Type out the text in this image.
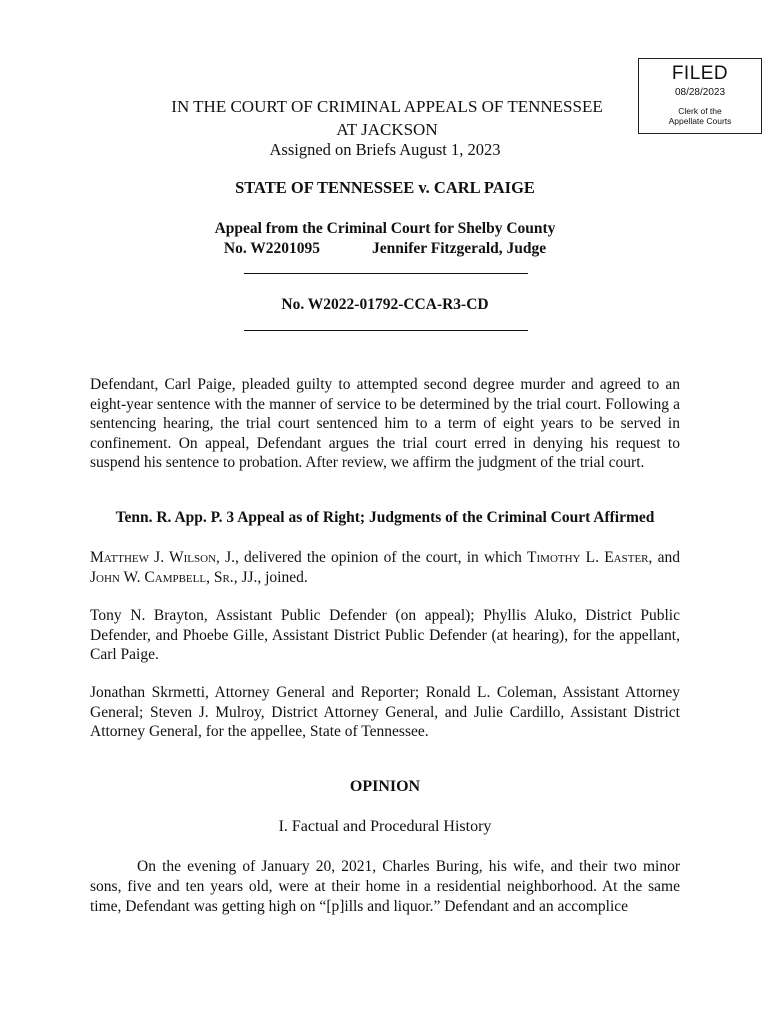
FILED
08/28/2023
Clerk of the
Appellate Courts
IN THE COURT OF CRIMINAL APPEALS OF TENNESSEE
AT JACKSON
Assigned on Briefs August 1, 2023
STATE OF TENNESSEE v. CARL PAIGE
Appeal from the Criminal Court for Shelby County
No. W2201095	Jennifer Fitzgerald, Judge
No. W2022-01792-CCA-R3-CD
Defendant, Carl Paige, pleaded guilty to attempted second degree murder and agreed to an eight-year sentence with the manner of service to be determined by the trial court. Following a sentencing hearing, the trial court sentenced him to a term of eight years to be served in confinement. On appeal, Defendant argues the trial court erred in denying his request to suspend his sentence to probation. After review, we affirm the judgment of the trial court.
Tenn. R. App. P. 3 Appeal as of Right; Judgments of the Criminal Court Affirmed
Matthew J. Wilson, J., delivered the opinion of the court, in which Timothy L. Easter, and John W. Campbell, Sr., JJ., joined.
Tony N. Brayton, Assistant Public Defender (on appeal); Phyllis Aluko, District Public Defender, and Phoebe Gille, Assistant District Public Defender (at hearing), for the appellant, Carl Paige.
Jonathan Skrmetti, Attorney General and Reporter; Ronald L. Coleman, Assistant Attorney General; Steven J. Mulroy, District Attorney General, and Julie Cardillo, Assistant District Attorney General, for the appellee, State of Tennessee.
OPINION
I. Factual and Procedural History
On the evening of January 20, 2021, Charles Buring, his wife, and their two minor sons, five and ten years old, were at their home in a residential neighborhood. At the same time, Defendant was getting high on “[p]ills and liquor.” Defendant and an accomplice
